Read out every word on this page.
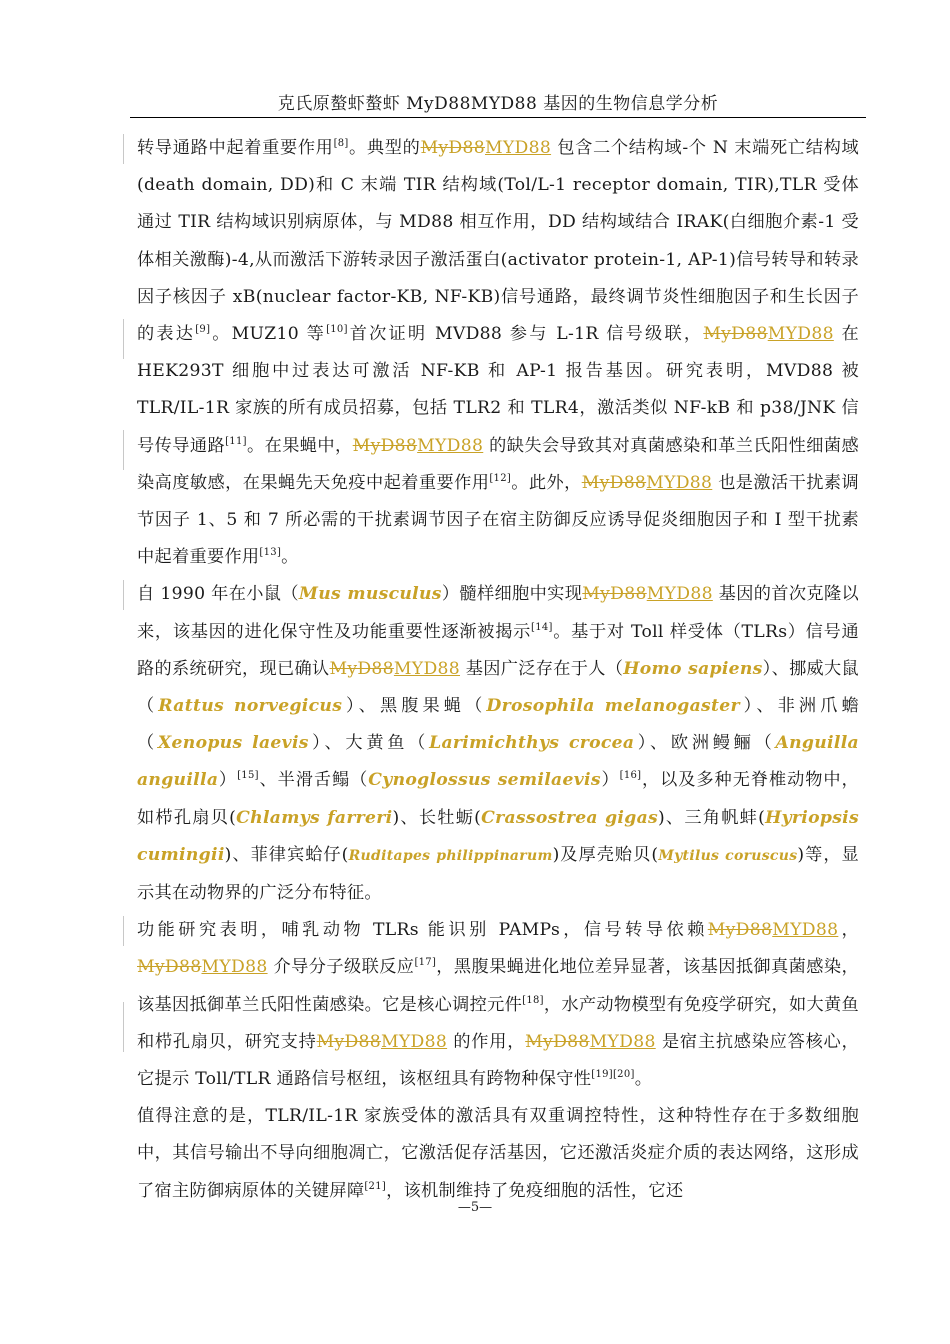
克氏原螯虾螯虾 MyD88MYD88 基因的生物信息学分析

转导通路中起着重要作用[8]。典型的MyD88MYD88 包含二个结构域-个 N 末端死亡结构域(death domain, DD)和 C 末端 TIR 结构域(Tol/L-1 receptor domain, TIR),TLR 受体通过 TIR 结构域识别病原体，与 MD88 相互作用，DD 结构域结合 IRAK(白细胞介素-1 受体相关激酶)-4,从而激活下游转录因子激活蛋白(activator protein-1, AP-1)信号转导和转录因子核因子 xB(nuclear factor-KB, NF-KB)信号通路，最终调节炎性细胞因子和生长因子的表达[9]。MUZ10 等[10]首次证明 MVD88 参与 L-1R 信号级联，MyD88MYD88 在 HEK293T 细胞中过表达可激活 NF-KB 和 AP-1 报告基因。研究表明，MVD88 被 TLR/IL-1R 家族的所有成员招募，包括 TLR2 和 TLR4，激活类似 NF-kB 和 p38/JNK 信号传导通路[11]。在果蝇中，MyD88MYD88 的缺失会导致其对真菌感染和革兰氏阳性细菌感染高度敏感，在果蝇先天免疫中起着重要作用[12]。此外，MyD88MYD88 也是激活干扰素调节因子 1、5 和 7 所必需的干扰素调节因子在宿主防御反应诱导促炎细胞因子和 I 型干扰素中起着重要作用[13]。

自 1990 年在小鼠（Mus musculus）髓样细胞中实现MyD88MYD88 基因的首次克隆以来，该基因的进化保守性及功能重要性逐渐被揭示[14]。基于对 Toll 样受体（TLRs）信号通路的系统研究，现已确认MyD88MYD88 基因广泛存在于人（Homo sapiens）、挪威大鼠（Rattus norvegicus）、黑腹果蝇（Drosophila melanogaster）、非洲爪蟾（Xenopus laevis）、大黄鱼（Larimichthys crocea）、欧洲鳗鲡（Anguilla anguilla）[15]、半滑舌鳎（Cynoglossus semilaevis）[16]，以及多种无脊椎动物中，如栉孔扇贝(Chlamys farreri)、长牡蛎(Crassostrea gigas)、三角帆蚌(Hyriopsis cumingii)、菲律宾蛤仔(Ruditapes philippinarum)及厚壳贻贝(Mytilus coruscus)等，显示其在动物界的广泛分布特征。

功能研究表明，哺乳动物 TLRs 能识别 PAMPs，信号转导依赖MyD88MYD88，MyD88MYD88 介导分子级联反应[17]，黑腹果蝇进化地位差异显著，该基因抵御真菌感染，该基因抵御革兰氏阳性菌感染。它是核心调控元件[18]，水产动物模型有免疫学研究，如大黄鱼和栉孔扇贝，研究支持MyD88MYD88 的作用，MyD88MYD88 是宿主抗感染应答核心，它提示 Toll/TLR 通路信号枢纽，该枢纽具有跨物种保守性[19][20]。

值得注意的是，TLR/IL-1R 家族受体的激活具有双重调控特性，这种特性存在于多数细胞中，其信号输出不导向细胞凋亡，它激活促存活基因，它还激活炎症介质的表达网络，这形成了宿主防御病原体的关键屏障[21]，该机制维持了免疫细胞的活性，它还

—5—
